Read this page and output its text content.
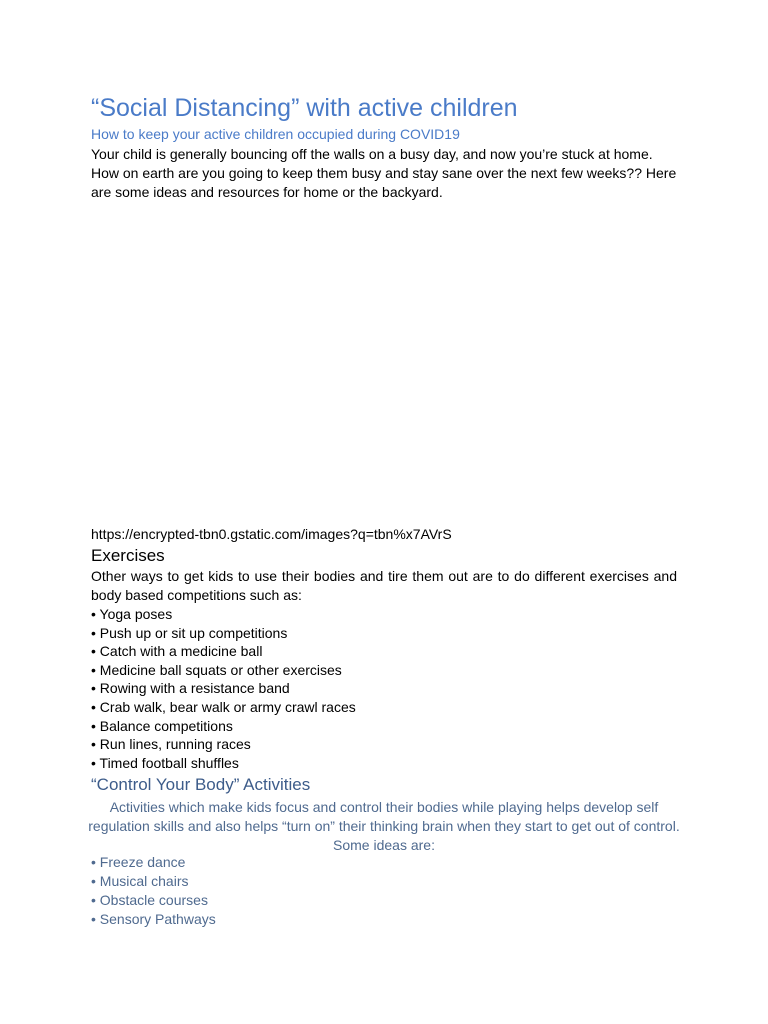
“Social Distancing” with active children

How to keep your active children occupied during COVID19

Your child is generally bouncing off the walls on a busy day, and now you’re stuck at home. How on earth are you going to keep them busy and stay sane over the next few weeks?? Here are some ideas and resources for home or the backyard.

https://encrypted-tbn0.gstatic.com/images?q=tbn%x7AVrS

Exercises

Other ways to get kids to use their bodies and tire them out are to do different exercises and body based competitions such as:

• Yoga poses
• Push up or sit up competitions
• Catch with a medicine ball
• Medicine ball squats or other exercises
• Rowing with a resistance band
• Crab walk, bear walk or army crawl races
• Balance competitions
• Run lines, running races
• Timed football shuffles
“Control Your Body” Activities

Activities which make kids focus and control their bodies while playing helps develop self regulation skills and also helps “turn on” their thinking brain when they start to get out of control. Some ideas are:

• Freeze dance
• Musical chairs
• Obstacle courses
• Sensory Pathways
